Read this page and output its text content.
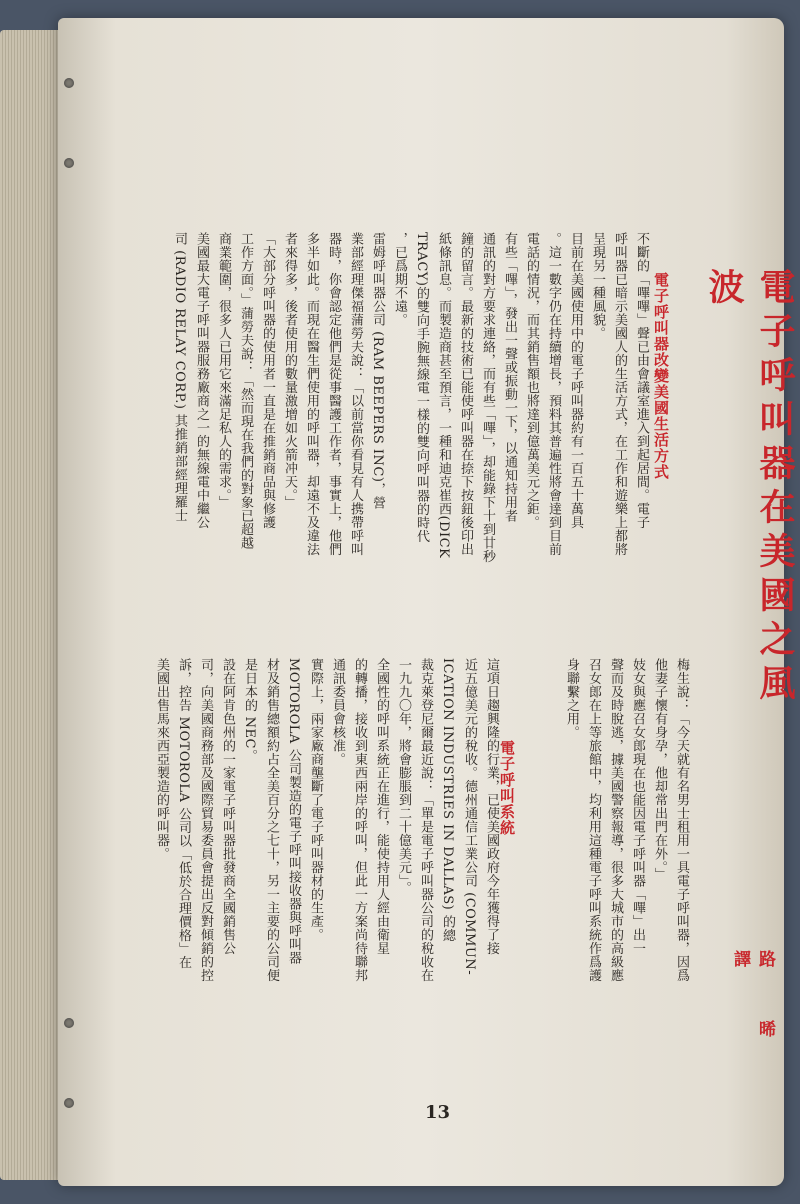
電子呼叫器在美國之風波
路　晞譯
電子呼叫器改變美國生活方式
不斷的「嗶嗶」聲已由會議室進入到起居間。電子
呼叫器已暗示美國人的生活方式，在工作和遊樂上都將
呈現另一種風貌。
目前在美國使用中的電子呼叫器約有一百五十萬具
。這一數字仍在持續增長，預料其普遍性將會達到目前
電話的情況，而其銷售額也將達到億萬美元之鉅。
有些「嗶」，發出一聲或振動一下，以通知持用者
通訊的對方要求連絡，而有些「嗶」，却能錄下十到廿秒
鐘的留言。最新的技術已能使呼叫器在捺下按鈕後印出
紙條訊息。而製造商甚至預言，一種和迪克崔西(DICK
TRACY)的雙向手腕無線電一樣的雙向呼叫器的時代
，已爲期不遠。
雷姆呼叫器公司 (RAM BEEPERS INC)，營
業部經理傑福蒲勞夫說：「以前當你看見有人携帶呼叫
器時，你會認定他們是從事醫護工作者，事實上，他們
多半如此。而現在醫生們使用的呼叫器，却遠不及違法
者來得多，後者使用的數量激增如火箭冲天。」
「大部分呼叫器的使用者一直是在推銷商品與修護
工作方面。」蒲勞夫說：「然而現在我們的對象已超越
商業範圍，很多人已用它來滿足私人的需求。」
美國最大電子呼叫器服務廠商之一的無線電中繼公
司 (RADIO RELAY CORP.) 其推銷部經理羅士
梅生說：「今天就有名男士租用一具電子呼叫器，因爲
他妻子懷有身孕，他却常出門在外。」
妓女與應召女郎現在也能因電子呼叫器「嗶」出一
聲而及時脫逃，據美國警察報導，很多大城市的高級應
召女郎在上等旅館中，均利用這種電子呼叫系統作爲護
身聯繫之用。
電子呼叫系統
這項日趨興隆的行業，已使美國政府今年獲得了接
近五億美元的稅收。德州通信工業公司 (COMMUN-
ICATION INDUSTRIES IN DALLAS) 的總
裁克萊登尼爾最近說：「單是電子呼叫器公司的稅收在
一九九〇年，將會膨脹到二十億美元」。
全國性的呼叫系統正在進行，能使持用人經由衛星
的轉播，接收到東西兩岸的呼叫，但此一方案尚待聯邦
通訊委員會核准。
實際上，兩家廠商壟斷了電子呼叫器材的生產。
MOTOROLA 公司製造的電子呼叫接收器與呼叫器
材及銷售總額約占全美百分之七十，另一主要的公司便
是日本的 NEC。
設在阿肯色州的一家電子呼叫器批發商全國銷售公
司，向美國商務部及國際貿易委員會提出反對傾銷的控
訴，控告 MOTOROLA 公司以「低於合理價格」在
美國出售馬來西亞製造的呼叫器。
13
